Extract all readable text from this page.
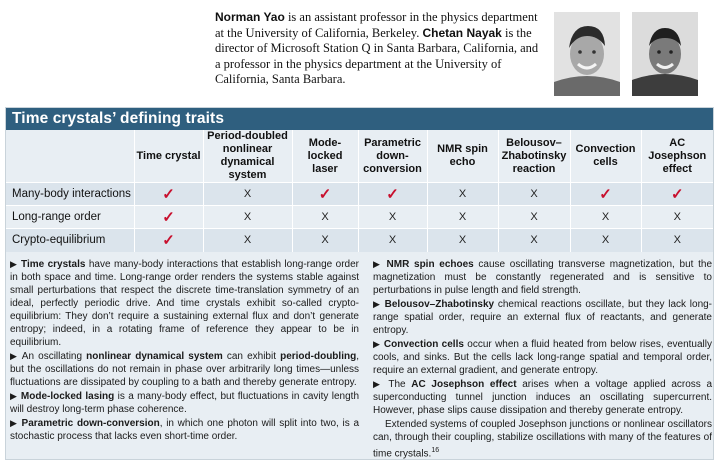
Norman Yao is an assistant professor in the physics department at the University of California, Berkeley. Chetan Nayak is the director of Microsoft Station Q in Santa Barbara, California, and a professor in the physics department at the University of California, Santa Barbara.

Time crystals’ defining traits
	Time crystal	Period-doubled nonlinear dynamical system	Mode-locked laser	Parametric down-conversion	NMR spin echo	Belousov–Zhabotinsky reaction	Convection cells	AC Josephson effect
Many-body interactions	✓	X	✓	✓	X	X	✓	✓
Long-range order	✓	X	X	X	X	X	X	X
Crypto-equilibrium	✓	X	X	X	X	X	X	X

▶ Time crystals have many-body interactions that establish long-range order in both space and time. Long-range order renders the systems stable against small perturbations that respect the discrete time-translation symmetry of an ideal, perfectly periodic drive. And time crystals exhibit so-called crypto-equilibrium: They don’t require a sustaining external flux and don’t generate entropy; indeed, in a rotating frame of reference they appear to be in equilibrium.

▶ An oscillating nonlinear dynamical system can exhibit period-doubling, but the oscillations do not remain in phase over arbitrarily long times—unless fluctuations are dissipated by coupling to a bath and thereby generate entropy.

▶ Mode-locked lasing is a many-body effect, but fluctuations in cavity length will destroy long-term phase coherence.

▶ Parametric down-conversion, in which one photon will split into two, is a stochastic process that lacks even short-time order.

▶ NMR spin echoes cause oscillating transverse magnetization, but the magnetization must be constantly regenerated and is sensitive to perturbations in pulse length and field strength.

▶ Belousov–Zhabotinsky chemical reactions oscillate, but they lack long-range spatial order, require an external flux of reactants, and generate entropy.

▶ Convection cells occur when a fluid heated from below rises, eventually cools, and sinks. But the cells lack long-range spatial and temporal order, require an external gradient, and generate entropy.

▶ The AC Josephson effect arises when a voltage applied across a superconducting tunnel junction induces an oscillating supercurrent. However, phase slips cause dissipation and thereby generate entropy.

Extended systems of coupled Josephson junctions or nonlinear oscillators can, through their coupling, stabilize oscillations with many of the features of time crystals.$^{16}$
